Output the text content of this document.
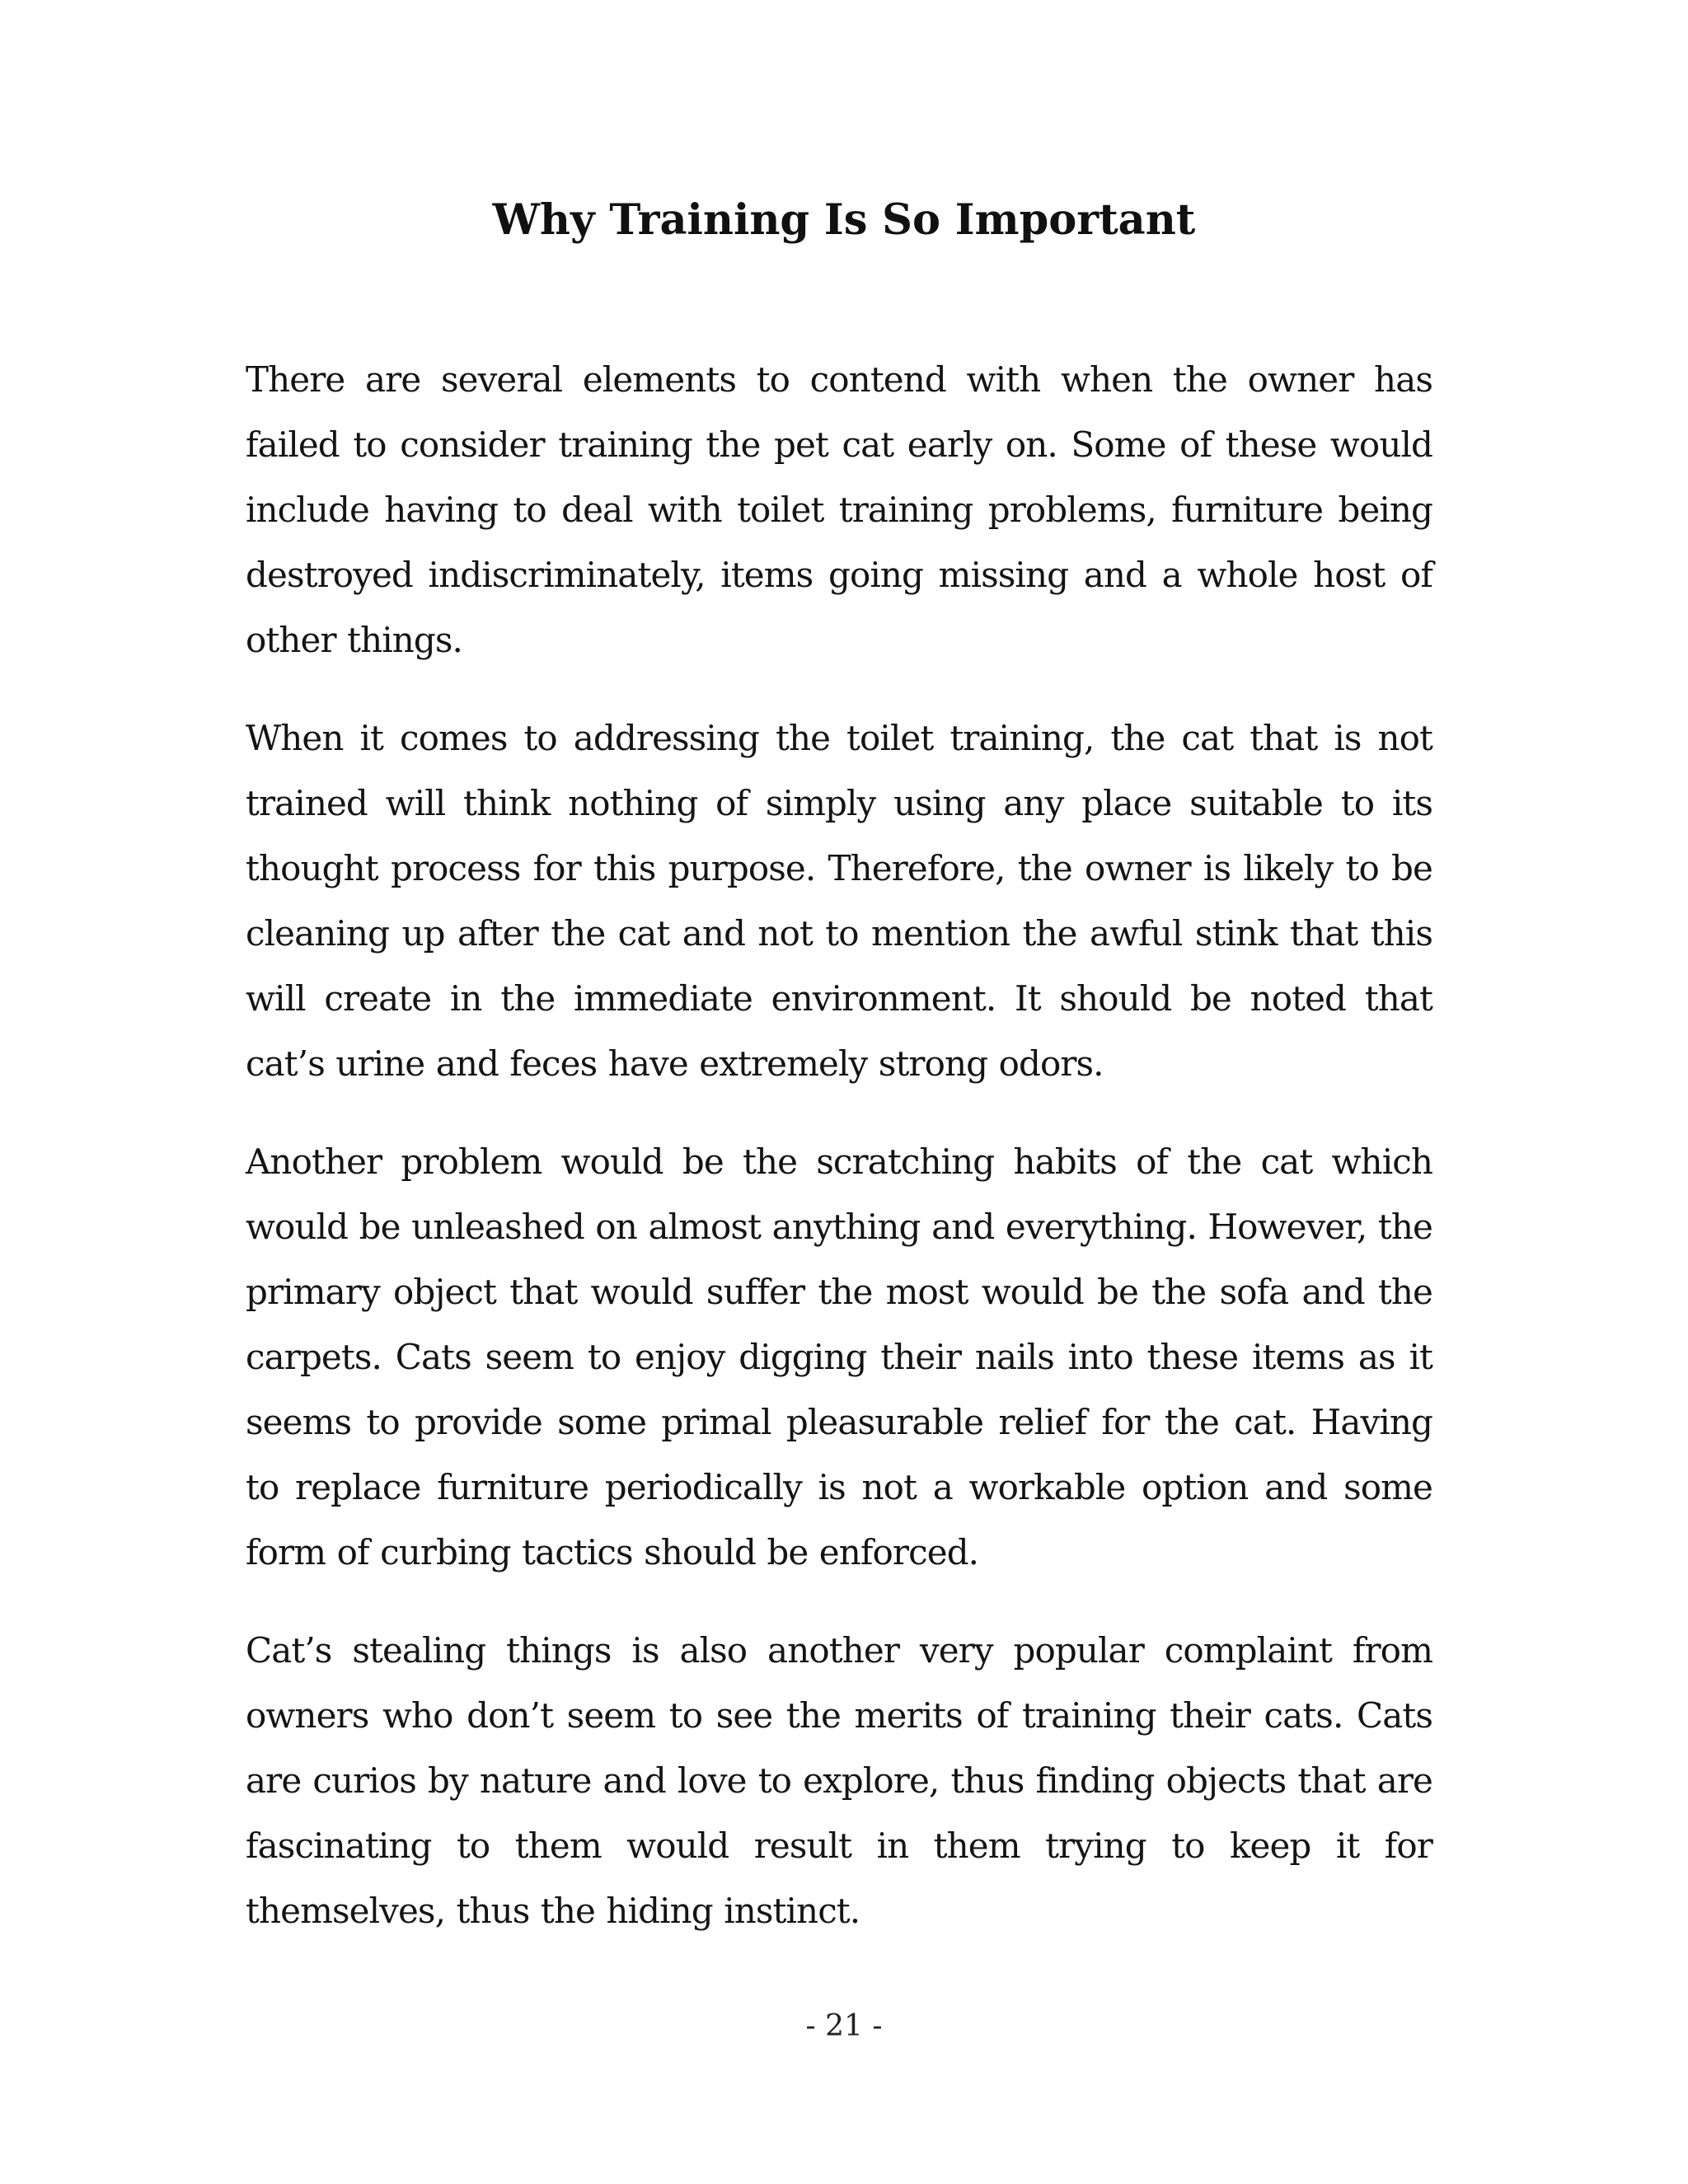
Why Training Is So Important

There are several elements to contend with when the owner has failed to consider training the pet cat early on. Some of these would include having to deal with toilet training problems, furniture being destroyed indiscriminately, items going missing and a whole host of other things.

When it comes to addressing the toilet training, the cat that is not trained will think nothing of simply using any place suitable to its thought process for this purpose. Therefore, the owner is likely to be cleaning up after the cat and not to mention the awful stink that this will create in the immediate environment. It should be noted that cat’s urine and feces have extremely strong odors.

Another problem would be the scratching habits of the cat which would be unleashed on almost anything and everything. However, the primary object that would suffer the most would be the sofa and the carpets. Cats seem to enjoy digging their nails into these items as it seems to provide some primal pleasurable relief for the cat. Having to replace furniture periodically is not a workable option and some form of curbing tactics should be enforced.

Cat’s stealing things is also another very popular complaint from owners who don’t seem to see the merits of training their cats. Cats are curios by nature and love to explore, thus finding objects that are fascinating to them would result in them trying to keep it for themselves, thus the hiding instinct.

- 21 -
